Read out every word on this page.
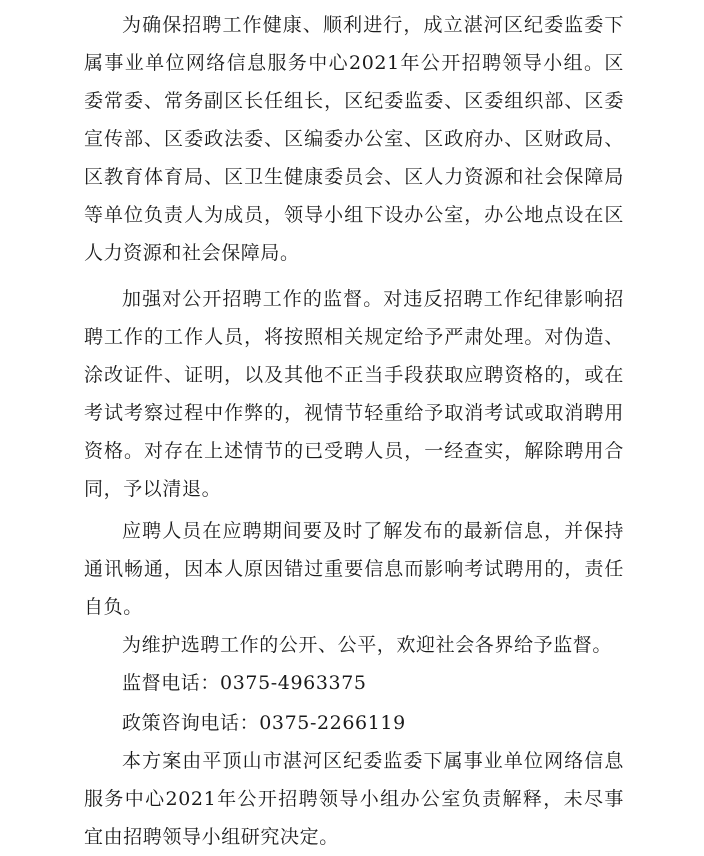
为确保招聘工作健康、顺利进行，成立湛河区纪委监委下属事业单位网络信息服务中心2021年公开招聘领导小组。区委常委、常务副区长任组长，区纪委监委、区委组织部、区委宣传部、区委政法委、区编委办公室、区政府办、区财政局、区教育体育局、区卫生健康委员会、区人力资源和社会保障局等单位负责人为成员，领导小组下设办公室，办公地点设在区人力资源和社会保障局。

加强对公开招聘工作的监督。对违反招聘工作纪律影响招聘工作的工作人员，将按照相关规定给予严肃处理。对伪造、涂改证件、证明，以及其他不正当手段获取应聘资格的，或在考试考察过程中作弊的，视情节轻重给予取消考试或取消聘用资格。对存在上述情节的已受聘人员，一经查实，解除聘用合同，予以清退。

应聘人员在应聘期间要及时了解发布的最新信息，并保持通讯畅通，因本人原因错过重要信息而影响考试聘用的，责任自负。

为维护选聘工作的公开、公平，欢迎社会各界给予监督。

监督电话：0375-4963375

政策咨询电话：0375-2266119

本方案由平顶山市湛河区纪委监委下属事业单位网络信息服务中心2021年公开招聘领导小组办公室负责解释，未尽事宜由招聘领导小组研究决定。
